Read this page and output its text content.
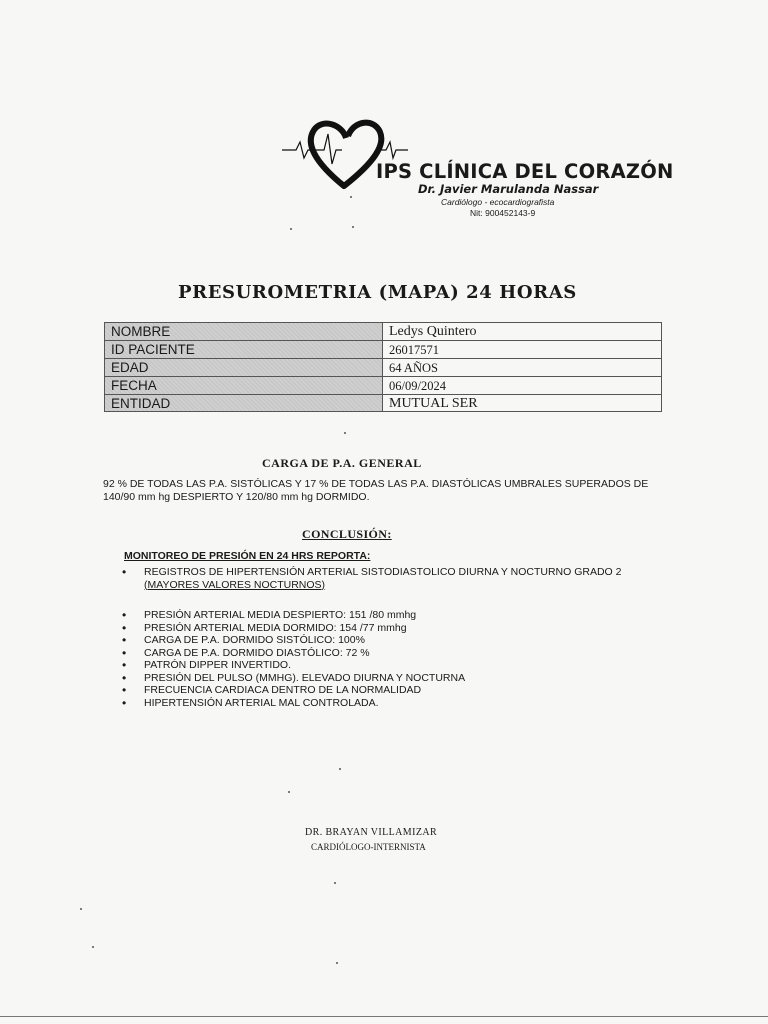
IPS CLÍNICA DEL CORAZÓN
Dr. Javier Marulanda Nassar
Cardiólogo - ecocardiografista
Nit: 900452143-9
PRESUROMETRIA (MAPA) 24 HORAS
NOMBRE	Ledys Quintero
ID PACIENTE	26017571
EDAD	64 AÑOS
FECHA	06/09/2024
ENTIDAD	MUTUAL SER
CARGA DE P.A. GENERAL
92 % DE TODAS LAS P.A. SISTÓLICAS Y 17 % DE TODAS LAS P.A. DIASTÓLICAS UMBRALES SUPERADOS DE 140/90 mm hg DESPIERTO Y 120/80 mm hg DORMIDO.
CONCLUSIÓN:
MONITOREO DE PRESIÓN EN 24 HRS REPORTA:
• REGISTROS DE HIPERTENSIÓN ARTERIAL SISTODIASTOLICO DIURNA Y NOCTURNO GRADO 2
(MAYORES VALORES NOCTURNOS)
• PRESIÓN ARTERIAL MEDIA DESPIERTO: 151 /80 mmhg
• PRESIÓN ARTERIAL MEDIA DORMIDO: 154 /77 mmhg
• CARGA DE P.A. DORMIDO SISTÓLICO: 100%
• CARGA DE P.A. DORMIDO DIASTÓLICO: 72 %
• PATRÓN DIPPER INVERTIDO.
• PRESIÓN DEL PULSO (MMHG). ELEVADO DIURNA Y NOCTURNA
• FRECUENCIA CARDIACA DENTRO DE LA NORMALIDAD
• HIPERTENSIÓN ARTERIAL MAL CONTROLADA.
DR. BRAYAN VILLAMIZAR
CARDIÓLOGO-INTERNISTA
